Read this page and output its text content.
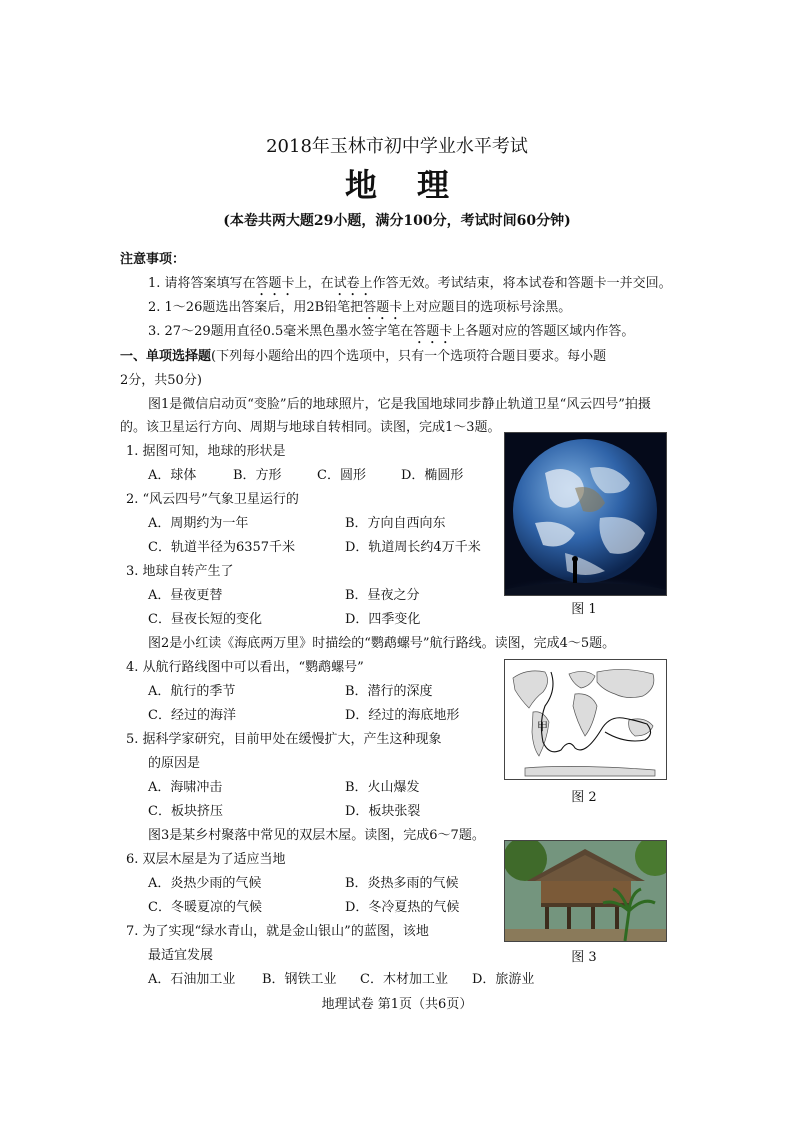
2018年玉林市初中学业水平考试
地理
(本卷共两大题29小题，满分100分，考试时间60分钟)
注意事项：
1. 请将答案填写在答题卡上，在试卷上作答无效。考试结束，将本试卷和答题卡一并交回。
2. 1～26题选出答案后，用2B铅笔把答题卡上对应题目的选项标号涂黑。
3. 27～29题用直径0.5毫米黑色墨水签字笔在答题卡上各题对应的答题区域内作答。
一、单项选择题(下列每小题给出的四个选项中，只有一个选项符合题目要求。每小题
2分，共50分)
图1是微信启动页“变脸”后的地球照片，它是我国地球同步静止轨道卫星“风云四号”拍摄
的。该卫星运行方向、周期与地球自转相同。读图，完成1～3题。
1. 据图可知，地球的形状是
A．球体	B．方形	C．圆形	D．椭圆形
2. “风云四号”气象卫星运行的
A．周期约为一年	B．方向自西向东
C．轨道半径为6357千米	D．轨道周长约4万千米
3. 地球自转产生了
A．昼夜更替	B．昼夜之分
C．昼夜长短的变化	D．四季变化
图 1
图2是小红读《海底两万里》时描绘的“鹦鹉螺号”航行路线。读图，完成4～5题。
4. 从航行路线图中可以看出，“鹦鹉螺号”
A．航行的季节	B．潜行的深度
C．经过的海洋	D．经过的海底地形
5. 据科学家研究，目前甲处在缓慢扩大，产生这种现象
的原因是
A．海啸冲击	B．火山爆发
C．板块挤压	D．板块张裂
甲
图 2
图3是某乡村聚落中常见的双层木屋。读图，完成6～7题。
6. 双层木屋是为了适应当地
A．炎热少雨的气候	B．炎热多雨的气候
C．冬暖夏凉的气候	D．冬冷夏热的气候
7. 为了实现“绿水青山，就是金山银山”的蓝图，该地
最适宜发展
A．石油加工业 B．钢铁工业 C．木材加工业 D．旅游业
图 3
地理试卷 第1页（共6页）
